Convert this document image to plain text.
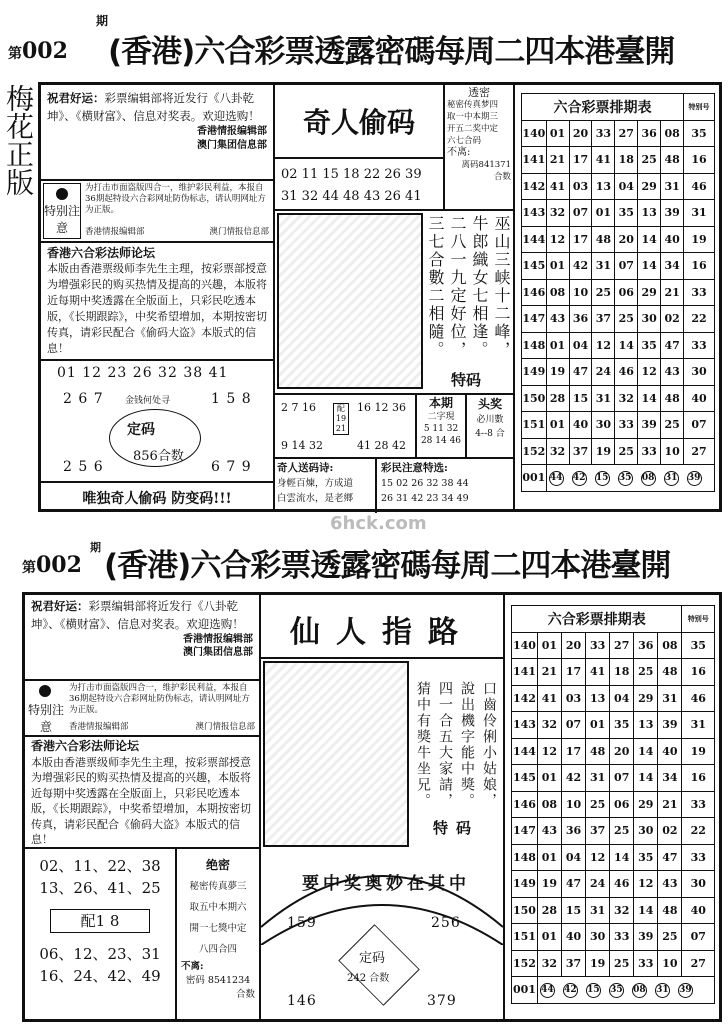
第002
期
(香港)六合彩票透露密碼每周二四本港臺開
梅花正版	祝君好运：彩票编辑部将近发行《八卦乾坤》、《横财富》、信息对奖表。欢迎选购！
香港情报编辑部
澳门集团信息部
特别注意
为打击市面盗版四合一，维护彩民利益，本报自36期起特设六合彩网址防伪标志，请认明网址方为正版。
香港情报编辑部	澳门情报信息部
香港六合彩法师论坛
本版由香港票级师李先生主理，按彩票部授意为增强彩民的购买热情及提高的兴趣，本版将近每期中奖透露在全版面上，只彩民吃透本版，《长期跟踪》，中奖希望增加，本期按密切传真，请彩民配合《偷码大盗》本版式的信息！
01 12 23 26 32 38 41
2 6 7	1 5 8
金钱何处寻
定码
856合数
2 5 6	6 7 9
唯独奇人偷码 防变码!!!
奇人偷码
透密
秘密传真梦四
取一中本期三
开五二奖中定
六七合码
不离:
离码841371
合数
02 11 15 18 22 26 39
31 32 44 48 43 26 41
巫山三峡十二峰，
牛郎織女七相逢。
二八一九定好位，
三七合數二相隨。
特码
2 7 16
9 14 32
配
19
21
16 12 36
41 28 42
本期
二字現
5 11 32
28 14 46
头奖
必川數
4--8 合
奇人送码诗:
身輕百煉，方成道
白雲流水，是老鄉
彩民注意特选:
15 02 26 32 38 44
26 31 42 23 34 49
六合彩票排期表							特别号
140	01	20	33	27	36	08	35
141	21	17	41	18	25	48	16
142	41	03	13	04	29	31	46
143	32	07	01	35	13	39	31
144	12	17	48	20	14	40	19
145	01	42	31	07	14	34	16
146	08	10	25	06	29	21	33
147	43	36	37	25	30	02	22
148	01	04	12	14	35	47	33
149	19	47	24	46	12	43	30
150	28	15	31	32	14	48	40
151	01	40	30	33	39	25	07
152	32	37	19	25	33	10	27
001	44 42 15 35 08 31 39						
6hck.com
第002
期
(香港)六合彩票透露密碼每周二四本港臺開
祝君好运：彩票编辑部将近发行《八卦乾坤》、《横财富》、信息对奖表。欢迎选购！
香港情报编辑部
澳门集团信息部
特别注意
为打击市面盗版四合一，维护彩民利益，本报自36期起特设六合彩网址防伪标志，请认明网址方为正版。
香港情报编辑部	澳门情报信息部
香港六合彩法师论坛
本版由香港票级师李先生主理，按彩票部授意为增强彩民的购买热情及提高的兴趣，本版将近每期中奖透露在全版面上，只彩民吃透本版，《长期跟踪》，中奖希望增加，本期按密切传真，请彩民配合《偷码大盗》本版式的信息！
02、11、22、38
13、26、41、25
配1 8
06、12、23、31
16、24、42、49
绝密
秘密传真夢三
取五中本期六
開一七獎中定
八四合四
不离:
密码 8541234
合数
仙人指路
口齒伶俐小姑娘，
說出機字能中獎。
四一合五大家請，
猜中有獎牛坐兄。
特码
要中奖奥妙在其中
159	256
定码
242 合数
146	379
六合彩票排期表							特别号
140	01	20	33	27	36	08	35
141	21	17	41	18	25	48	16
142	41	03	13	04	29	31	46
143	32	07	01	35	13	39	31
144	12	17	48	20	14	40	19
145	01	42	31	07	14	34	16
146	08	10	25	06	29	21	33
147	43	36	37	25	30	02	22
148	01	04	12	14	35	47	33
149	19	47	24	46	12	43	30
150	28	15	31	32	14	48	40
151	01	40	30	33	39	25	07
152	32	37	19	25	33	10	27
001	44 42 15 35 08 31 39						
